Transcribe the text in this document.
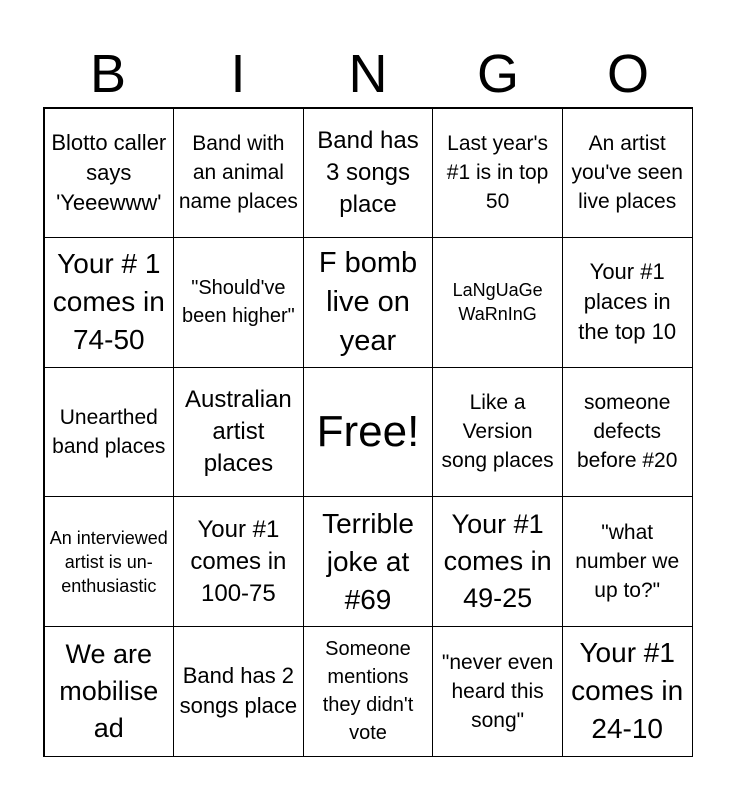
B	I	N	G	O
Blotto caller says 'Yeeewww'
Band with an animal name places
Band has 3 songs place
Last year's #1 is in top 50
An artist you've seen live places
Your # 1 comes in 74-50
"Should've been higher"
F bomb live on year
LaNgUaGe WaRnInG
Your #1 places in the top 10
Unearthed band places
Australian artist places
Free!
Like a Version song places
someone defects before #20
An interviewed artist is un-enthusiastic
Your #1 comes in 100-75
Terrible joke at #69
Your #1 comes in 49-25
"what number we up to?"
We are mobilise ad
Band has 2 songs place
Someone mentions they didn't vote
"never even heard this song"
Your #1 comes in 24-10
